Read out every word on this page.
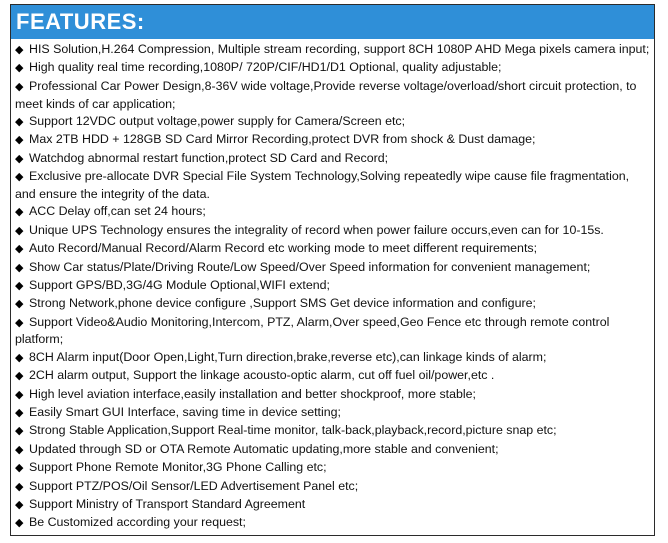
FEATURES:
◆ HIS Solution,H.264 Compression, Multiple stream recording, support 8CH 1080P AHD Mega pixels camera input;
◆ High quality real time recording,1080P/ 720P/CIF/HD1/D1 Optional, quality adjustable;
◆ Professional Car Power Design,8-36V wide voltage,Provide reverse voltage/overload/short circuit protection, to meet kinds of car application;
◆ Support 12VDC output voltage,power supply for Camera/Screen etc;
◆ Max 2TB HDD + 128GB SD Card Mirror Recording,protect DVR from shock & Dust damage;
◆ Watchdog abnormal restart function,protect SD Card and Record;
◆ Exclusive pre-allocate DVR Special File System Technology,Solving repeatedly wipe cause file fragmentation, and ensure the integrity of the data.
◆ ACC Delay off,can set 24 hours;
◆ Unique UPS Technology ensures the integrality of record when power failure occurs,even can for 10-15s.
◆ Auto Record/Manual Record/Alarm Record etc working mode to meet different requirements;
◆ Show Car status/Plate/Driving Route/Low Speed/Over Speed information for convenient management;
◆ Support GPS/BD,3G/4G Module Optional,WIFI extend;
◆ Strong Network,phone device configure ,Support SMS Get device information and configure;
◆ Support Video&Audio Monitoring,Intercom, PTZ, Alarm,Over speed,Geo Fence etc through remote control platform;
◆ 8CH Alarm input(Door Open,Light,Turn direction,brake,reverse etc),can linkage kinds of alarm;
◆ 2CH alarm output, Support the linkage acousto-optic alarm, cut off fuel oil/power,etc .
◆ High level aviation interface,easily installation and better shockproof, more stable;
◆ Easily Smart GUI Interface, saving time in device setting;
◆ Strong Stable Application,Support Real-time monitor, talk-back,playback,record,picture snap etc;
◆ Updated through SD or OTA Remote Automatic updating,more stable and convenient;
◆ Support Phone Remote Monitor,3G Phone Calling etc;
◆ Support PTZ/POS/Oil Sensor/LED Advertisement Panel etc;
◆ Support Ministry of Transport Standard Agreement
◆ Be Customized according your request;
